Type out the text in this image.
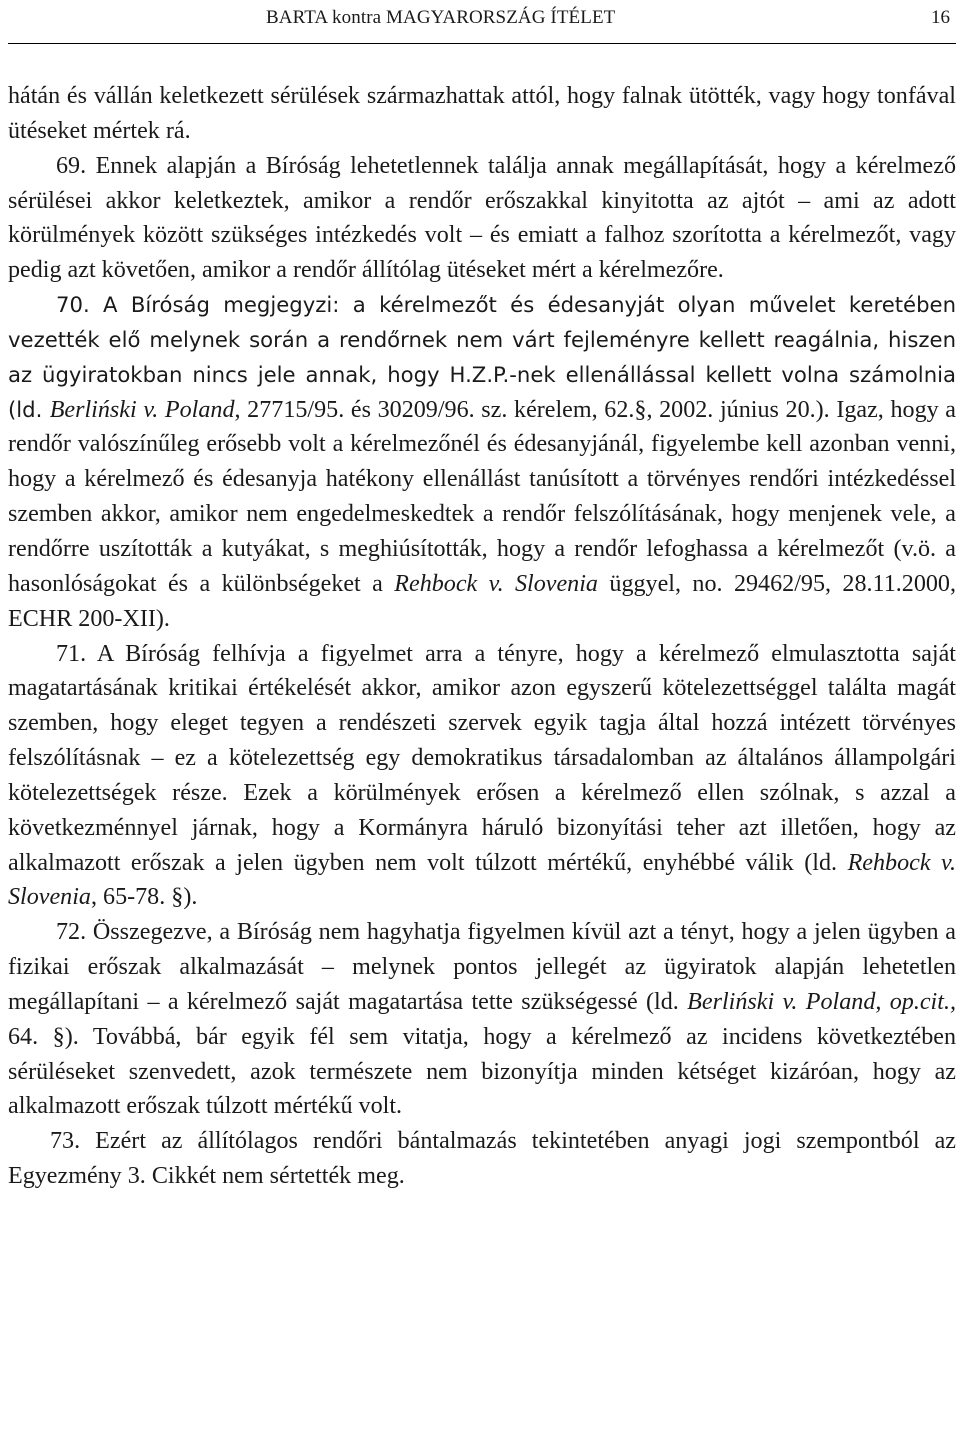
BARTA kontra MAGYARORSZÁG ÍTÉLET	16

hátán és vállán keletkezett sérülések származhattak attól, hogy falnak ütötték, vagy hogy tonfával ütéseket mértek rá.

69. Ennek alapján a Bíróság lehetetlennek találja annak megállapítását, hogy a kérelmező sérülései akkor keletkeztek, amikor a rendőr erőszakkal kinyitotta az ajtót – ami az adott körülmények között szükséges intézkedés volt – és emiatt a falhoz szorította a kérelmezőt, vagy pedig azt követően, amikor a rendőr állítólag ütéseket mért a kérelmezőre.

70. A Bíróság megjegyzi: a kérelmezőt és édesanyját olyan művelet keretében vezették elő melynek során a rendőrnek nem várt fejleményre kellett reagálnia, hiszen az ügyiratokban nincs jele annak, hogy H.Z.P.-nek ellenállással kellett volna számolnia (ld. Berliński v. Poland, 27715/95. és 30209/96. sz. kérelem, 62.§, 2002. június 20.). Igaz, hogy a rendőr valószínűleg erősebb volt a kérelmezőnél és édesanyjánál, figyelembe kell azonban venni, hogy a kérelmező és édesanyja hatékony ellenállást tanúsított a törvényes rendőri intézkedéssel szemben akkor, amikor nem engedelmeskedtek a rendőr felszólításának, hogy menjenek vele, a rendőrre uszították a kutyákat, s meghiúsították, hogy a rendőr lefoghassa a kérelmezőt (v.ö. a hasonlóságokat és a különbségeket a Rehbock v. Slovenia üggyel, no. 29462/95, 28.11.2000, ECHR 200-XII).

71. A Bíróság felhívja a figyelmet arra a tényre, hogy a kérelmező elmulasztotta saját magatartásának kritikai értékelését akkor, amikor azon egyszerű kötelezettséggel találta magát szemben, hogy eleget tegyen a rendészeti szervek egyik tagja által hozzá intézett törvényes felszólításnak – ez a kötelezettség egy demokratikus társadalomban az általános állampolgári kötelezettségek része. Ezek a körülmények erősen a kérelmező ellen szólnak, s azzal a következménnyel járnak, hogy a Kormányra háruló bizonyítási teher azt illetően, hogy az alkalmazott erőszak a jelen ügyben nem volt túlzott mértékű, enyhébbé válik (ld. Rehbock v. Slovenia, 65-78. §).

72. Összegezve, a Bíróság nem hagyhatja figyelmen kívül azt a tényt, hogy a jelen ügyben a fizikai erőszak alkalmazását – melynek pontos jellegét az ügyiratok alapján lehetetlen megállapítani – a kérelmező saját magatartása tette szükségessé (ld. Berliński v. Poland, op.cit., 64. §). Továbbá, bár egyik fél sem vitatja, hogy a kérelmező az incidens következtében sérüléseket szenvedett, azok természete nem bizonyítja minden kétséget kizáróan, hogy az alkalmazott erőszak túlzott mértékű volt.

73. Ezért az állítólagos rendőri bántalmazás tekintetében anyagi jogi szempontból az Egyezmény 3. Cikkét nem sértették meg.
